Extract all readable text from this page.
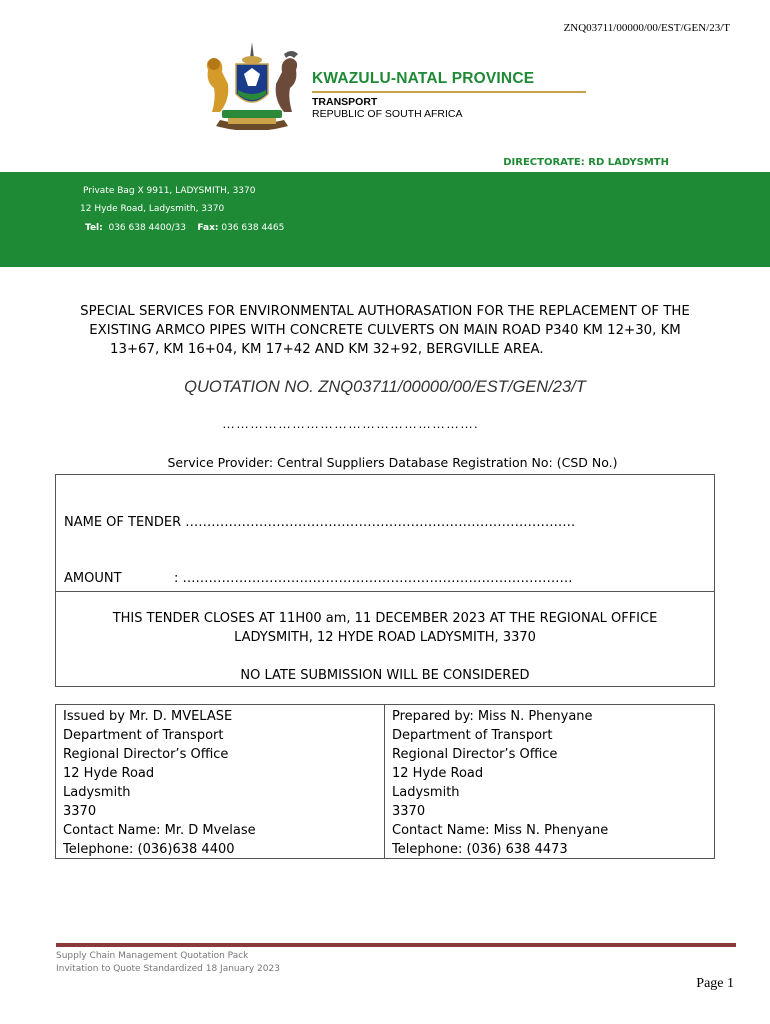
ZNQ03711/00000/00/EST/GEN/23/T
KWAZULU-NATAL PROVINCE
TRANSPORT
REPUBLIC OF SOUTH AFRICA
DIRECTORATE: RD LADYSMTH
Private Bag X 9911, LADYSMITH, 3370
12 Hyde Road, Ladysmith, 3370
Tel: 036 638 4400/33 Fax: 036 638 4465
SPECIAL SERVICES FOR ENVIRONMENTAL AUTHORASATION FOR THE REPLACEMENT OF THE
EXISTING ARMCO PIPES WITH CONCRETE CULVERTS ON MAIN ROAD P340 KM 12+30, KM
13+67, KM 16+04, KM 17+42 AND KM 32+92, BERGVILLE AREA.
QUOTATION NO. ZNQ03711/00000/00/EST/GEN/23/T
……………………………………………….
Service Provider: Central Suppliers Database Registration No: (CSD No.)
NAME OF TENDER ………………………………………………………………………………
AMOUNT	: ………………………………………………………………………………
THIS TENDER CLOSES AT 11H00 am, 11 DECEMBER 2023 AT THE REGIONAL OFFICE
LADYSMITH, 12 HYDE ROAD LADYSMITH, 3370
NO LATE SUBMISSION WILL BE CONSIDERED
Issued by Mr. D. MVELASE
Department of Transport
Regional Director’s Office
12 Hyde Road
Ladysmith
3370
Contact Name: Mr. D Mvelase
Telephone: (036)638 4400
Prepared by: Miss N. Phenyane
Department of Transport
Regional Director’s Office
12 Hyde Road
Ladysmith
3370
Contact Name: Miss N. Phenyane
Telephone: (036) 638 4473
Supply Chain Management Quotation Pack
Invitation to Quote Standardized 18 January 2023
Page 1
